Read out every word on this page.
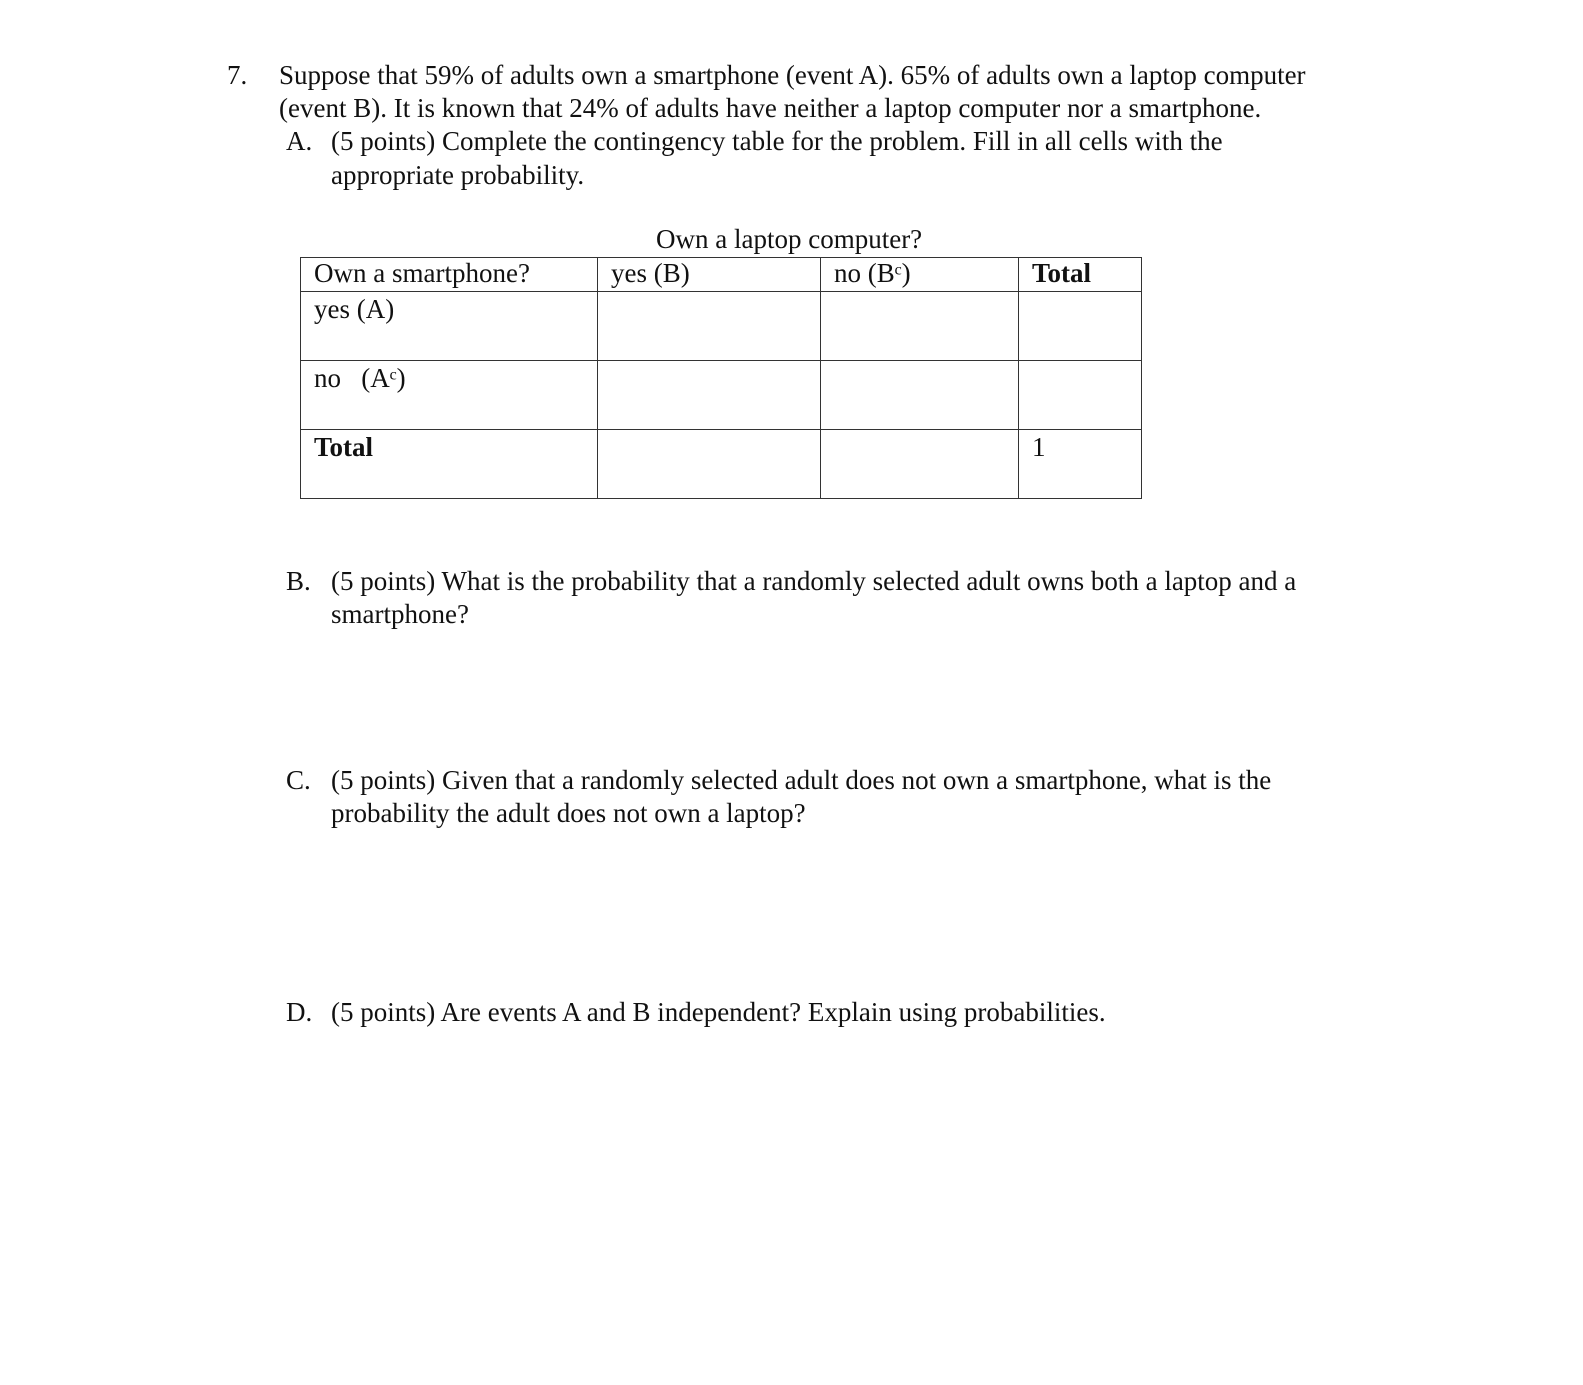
7. Suppose that 59% of adults own a smartphone (event A). 65% of adults own a laptop computer
(event B). It is known that 24% of adults have neither a laptop computer nor a smartphone.
A. (5 points) Complete the contingency table for the problem. Fill in all cells with the
appropriate probability.
Own a laptop computer?
Own a smartphone?	yes (B)	no (Bᶜ)	Total
yes (A)			
no   (Aᶜ)			
Total			1
B. (5 points) What is the probability that a randomly selected adult owns both a laptop and a
smartphone?
C. (5 points) Given that a randomly selected adult does not own a smartphone, what is the
probability the adult does not own a laptop?
D. (5 points) Are events A and B independent? Explain using probabilities.
